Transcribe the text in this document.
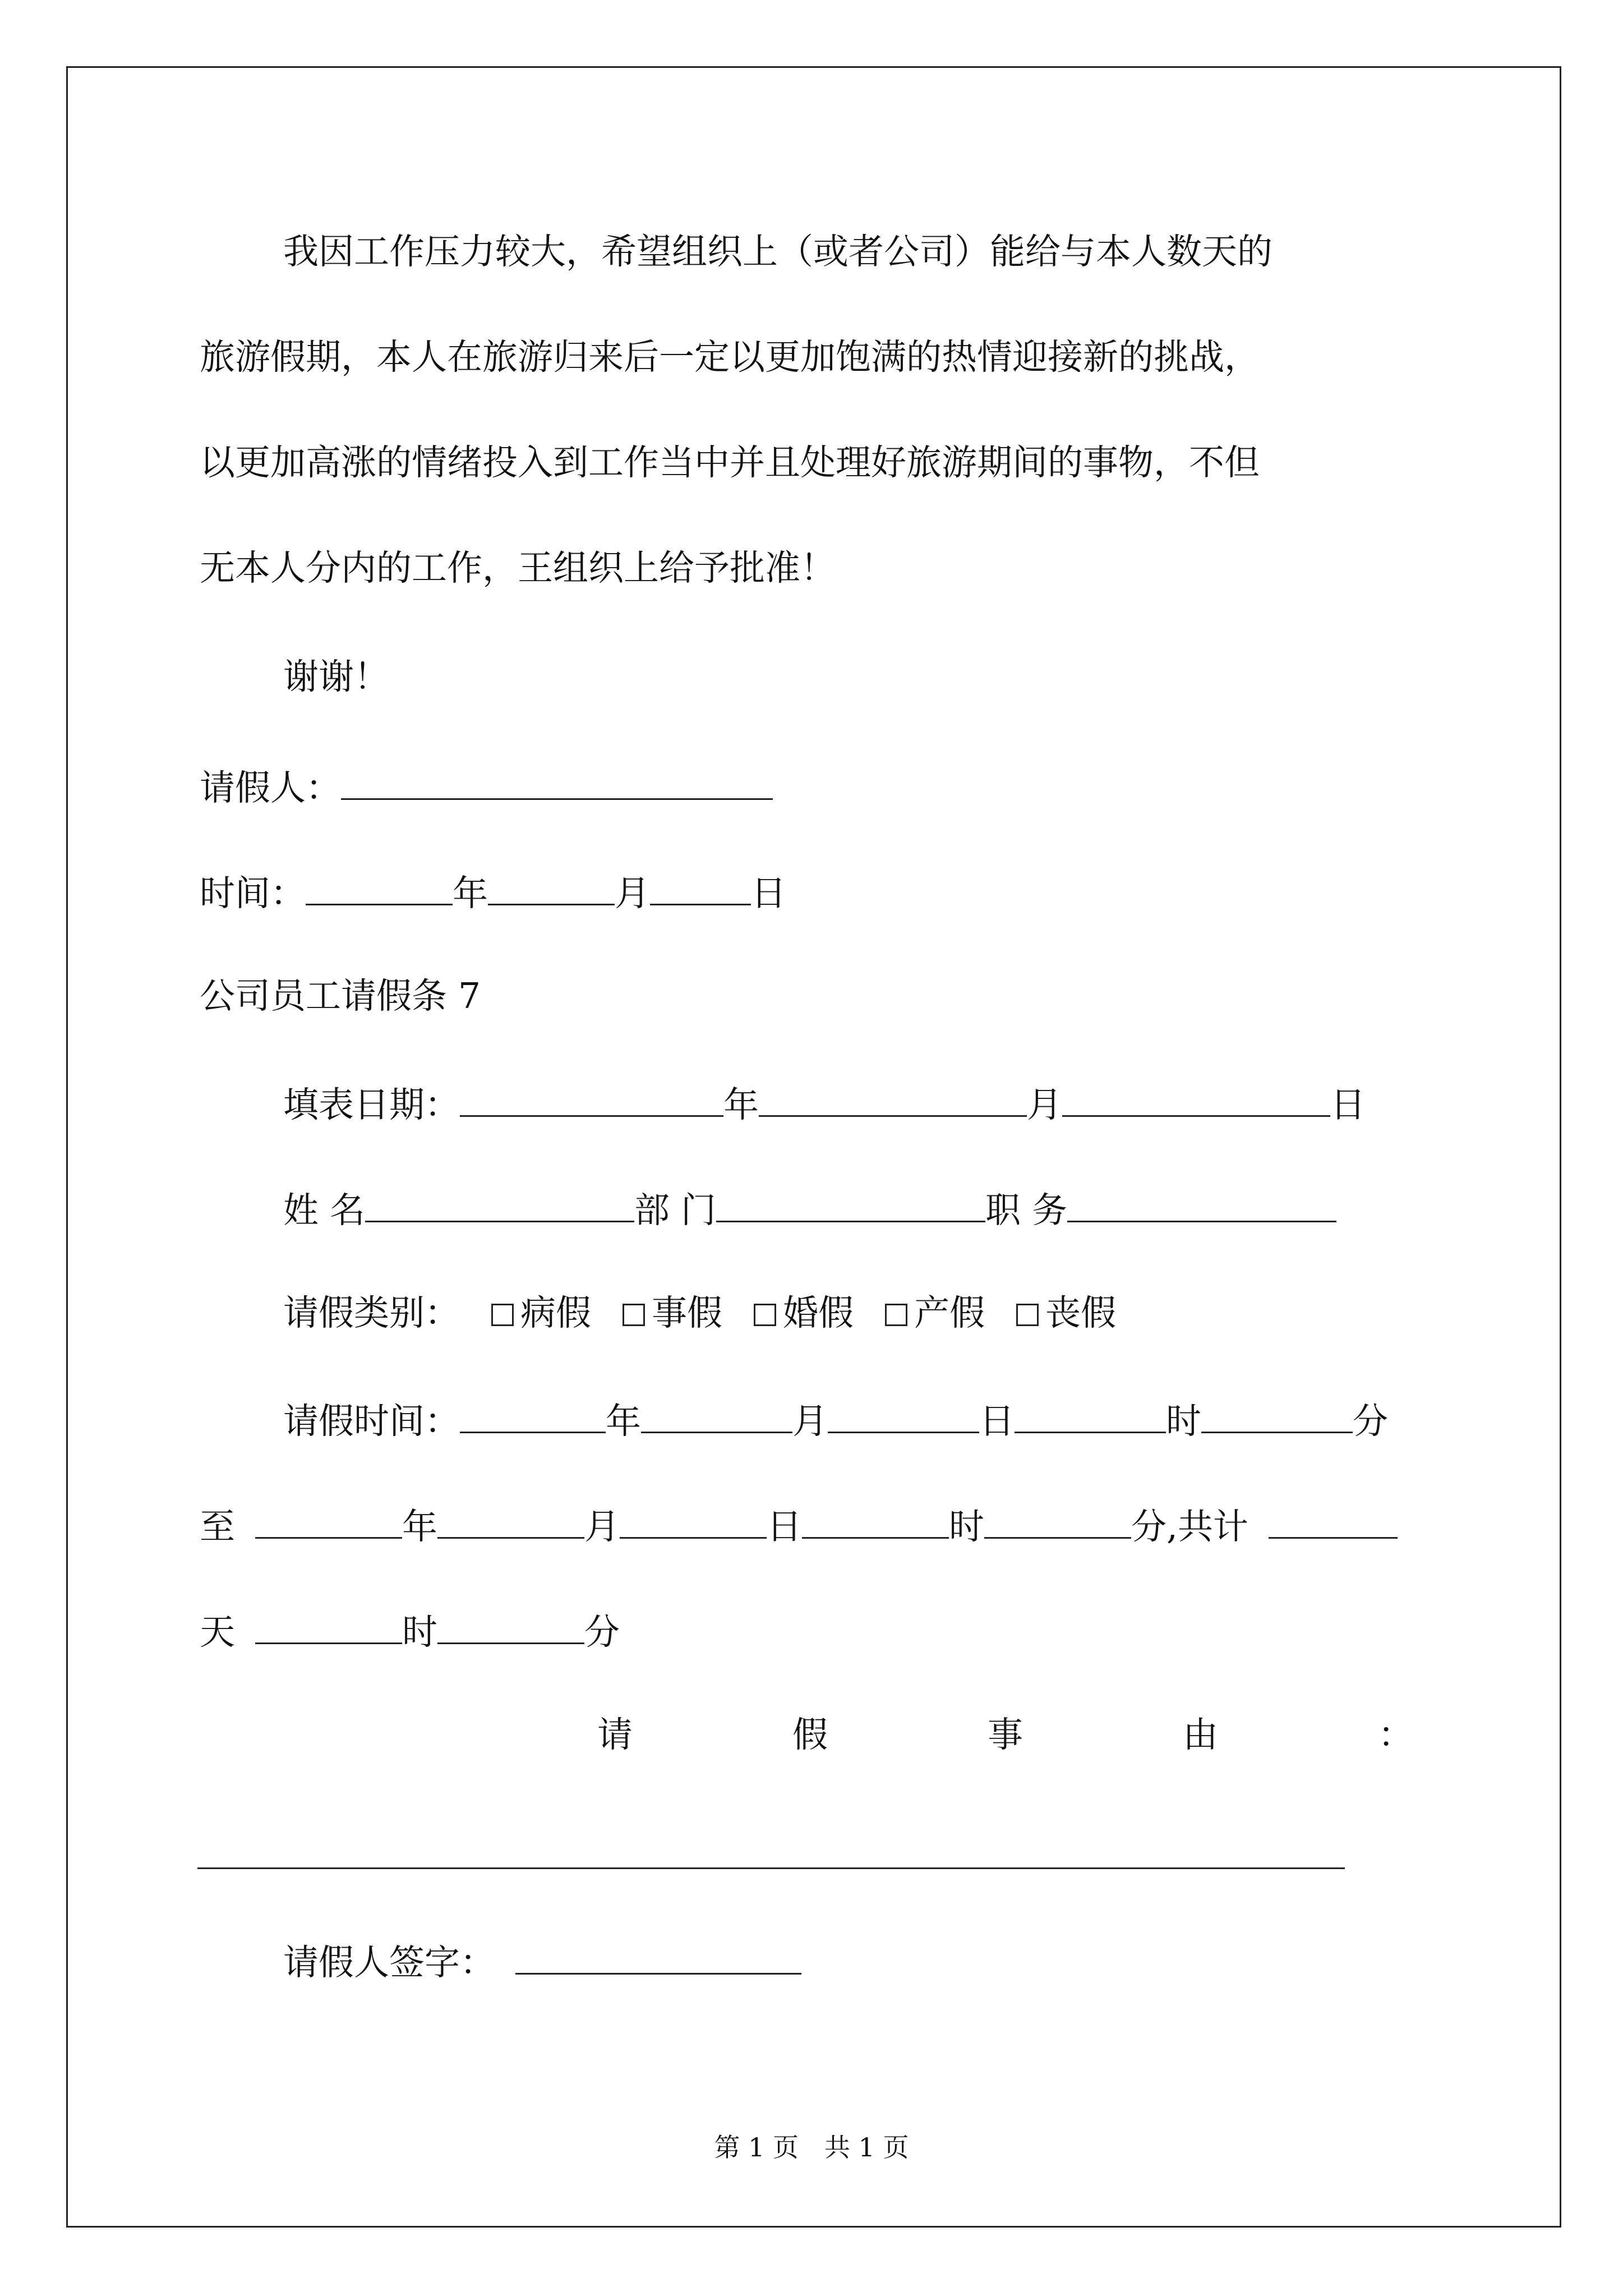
我因工作压力较大，希望组织上（或者公司）能给与本人数天的
旅游假期，本人在旅游归来后一定以更加饱满的热情迎接新的挑战，
以更加高涨的情绪投入到工作当中并且处理好旅游期间的事物，不但
无本人分内的工作，王组织上给予批准！
谢谢！
请假人：
时间：	年	月	日
公司员工请假条 7
填表日期：	年	月	日
姓 名	部 门	职 务
请假类别： 病假 事假 婚假 产假 丧假
请假时间：	年	月	日	时	分
至	年	月	日	时	分,共计
天	时	分
请 假 事 由 ：
请假人签字：
第 1 页 共 1 页
